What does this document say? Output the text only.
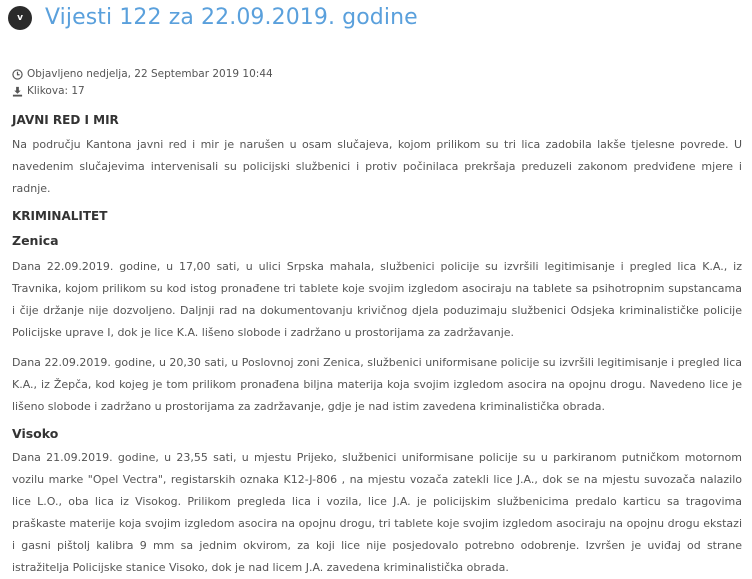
v	Vijesti 122 za 22.09.2019. godine
Objavljeno nedjelja, 22 Septembar 2019 10:44
Klikova: 17
JAVNI RED I MIR

Na području Kantona javni red i mir je narušen u osam slučajeva, kojom prilikom su tri lica zadobila lakše tjelesne povrede. U navedenim slučajevima intervenisali su policijski službenici i protiv počinilaca prekršaja preduzeli zakonom predviđene mjere i radnje.

KRIMINALITET
Zenica

Dana 22.09.2019. godine, u 17,00 sati, u ulici Srpska mahala, službenici policije su izvršili legitimisanje i pregled lica K.A., iz Travnika, kojom prilikom su kod istog pronađene tri tablete koje svojim izgledom asociraju na tablete sa psihotropnim supstancama i čije držanje nije dozvoljeno. Daljnji rad na dokumentovanju krivičnog djela poduzimaju službenici Odsjeka kriminalističke policije Policijske uprave I, dok je lice K.A. lišeno slobode i zadržano u prostorijama za zadržavanje.

Dana 22.09.2019. godine, u 20,30 sati, u Poslovnoj zoni Zenica, službenici uniformisane policije su izvršili legitimisanje i pregled lica K.A., iz Žepča, kod kojeg je tom prilikom pronađena biljna materija koja svojim izgledom asocira na opojnu drogu. Navedeno lice je lišeno slobode i zadržano u prostorijama za zadržavanje, gdje je nad istim zavedena kriminalistička obrada.

Visoko

Dana 21.09.2019. godine, u 23,55 sati, u mjestu Prijeko, službenici uniformisane policije su u parkiranom putničkom motornom vozilu marke "Opel Vectra", registarskih oznaka K12-J-806 , na mjestu vozača zatekli lice J.A., dok se na mjestu suvozača nalazilo lice L.O., oba lica iz Visokog. Prilikom pregleda lica i vozila, lice J.A. je policijskim službenicima predalo karticu sa tragovima praškaste materije koja svojim izgledom asocira na opojnu drogu, tri tablete koje svojim izgledom asociraju na opojnu drogu ekstazi i gasni pištolj kalibra 9 mm sa jednim okvirom, za koji lice nije posjedovalo potrebno odobrenje. Izvršen je uviđaj od strane istražitelja Policijske stanice Visoko, dok je nad licem J.A. zavedena kriminalistička obrada.
